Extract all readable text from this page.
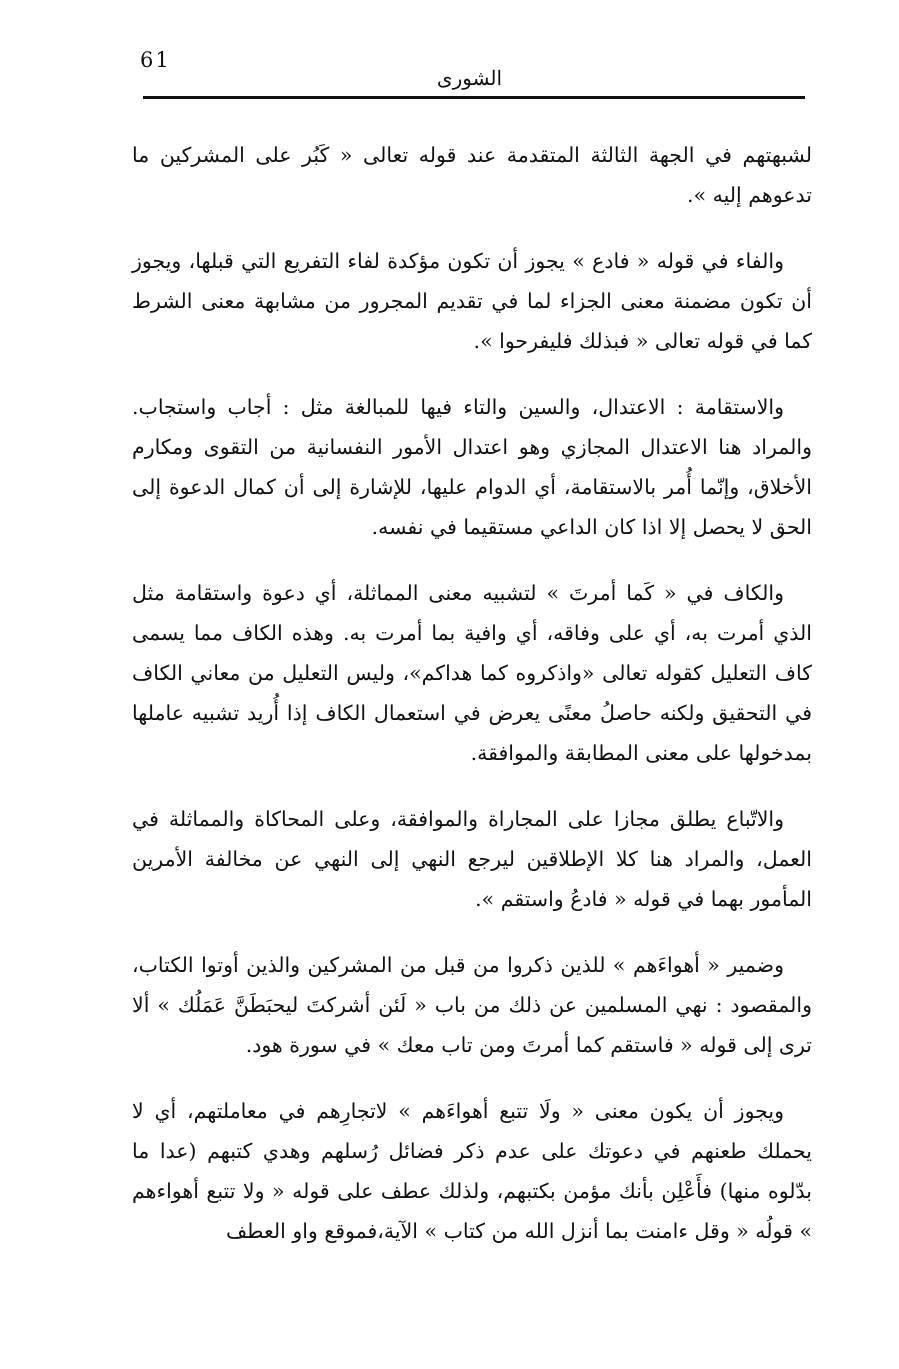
61
الشورى

لشبهتهم في الجهة الثالثة المتقدمة عند قوله تعالى « كَبُر على المشركين ما تدعوهم إليه ».

والفاء في قوله « فادع » يجوز أن تكون مؤكدة لفاء التفريع التي قبلها، ويجوز أن تكون مضمنة معنى الجزاء لما في تقديم المجرور من مشابهة معنى الشرط كما في قوله تعالى « فبذلك فليفرحوا ».

والاستقامة : الاعتدال، والسين والتاء فيها للمبالغة مثل : أجاب واستجاب. والمراد هنا الاعتدال المجازي وهو اعتدال الأمور النفسانية من التقوى ومكارم الأخلاق، وإنّما أُمر بالاستقامة، أي الدوام عليها، للإشارة إلى أن كمال الدعوة إلى الحق لا يحصل إلا اذا كان الداعي مستقيما في نفسه.

والكاف في « كَما أمرتَ » لتشبيه معنى المماثلة، أي دعوة واستقامة مثل الذي أمرت به، أي على وفاقه، أي وافية بما أمرت به. وهذه الكاف مما يسمى كاف التعليل كقوله تعالى «واذكروه كما هداكم»، وليس التعليل من معاني الكاف في التحقيق ولكنه حاصلُ معنًى يعرض في استعمال الكاف إذا أُريد تشبيه عاملها بمدخولها على معنى المطابقة والموافقة.

والاتّباع يطلق مجازا على المجاراة والموافقة، وعلى المحاكاة والمماثلة في العمل، والمراد هنا كلا الإطلاقين ليرجع النهي إلى النهي عن مخالفة الأمرين المأمور بهما في قوله « فادعُ واستقم ».

وضمير « أهواءَهم » للذين ذكروا من قبل من المشركين والذين أوتوا الكتاب، والمقصود : نهي المسلمين عن ذلك من باب « لَئن أشركتَ ليحبَطَنَّ عَمَلُك » ألا ترى إلى قوله « فاستقم كما أمرتَ ومن تاب معك » في سورة هود.

ويجوز أن يكون معنى « ولَا تتبع أهواءَهم » لاتجارِهم في معاملتهم، أي لا يحملك طعنهم في دعوتك على عدم ذكر فضائل رُسلهم وهدي كتبهم (عدا ما بدّلوه منها) فأَعْلِن بأنك مؤمن بكتبهم، ولذلك عطف على قوله « ولا تتبع أهواءهم » قولُه « وقل ءامنت بما أنزل الله من كتاب » الآية،فموقع واو العطف
